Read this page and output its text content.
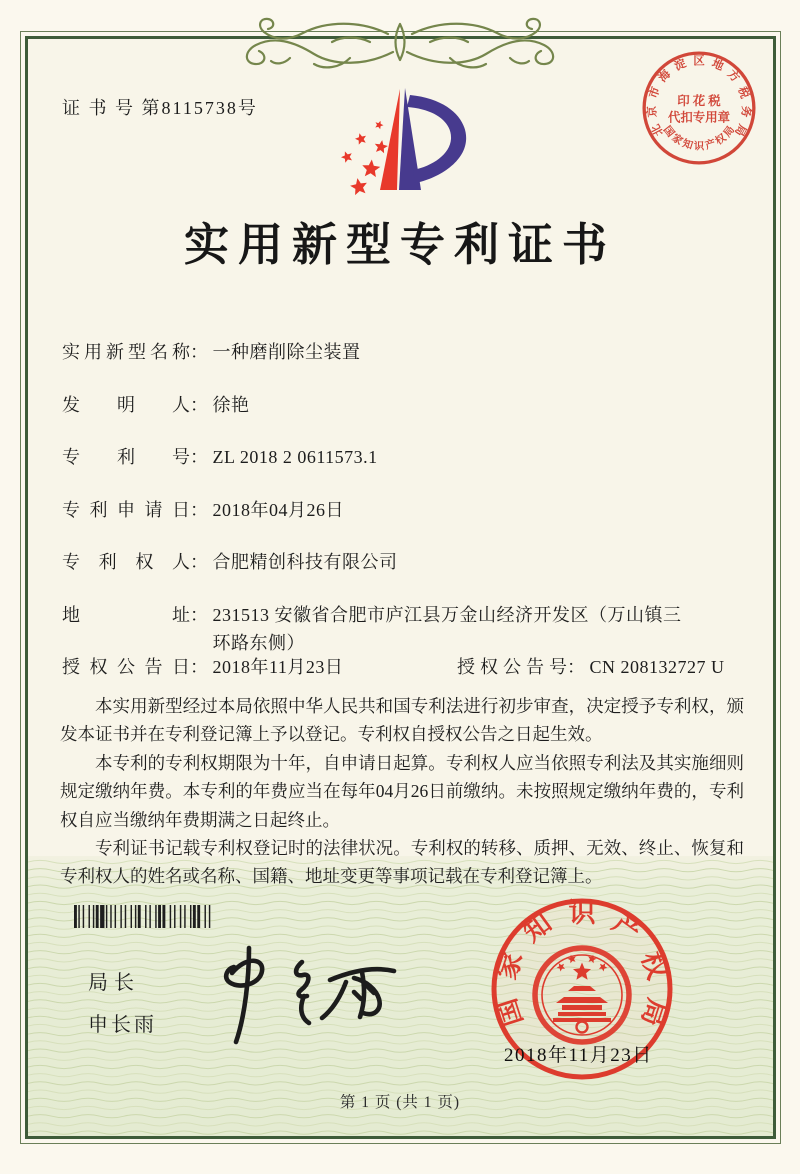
证 书 号 第8115738号
北
京
市
海
淀 区 地
方
税
务
局
国
家
知 识 产
权
局
印 花 税
代扣专用章
实用新型专利证书
实用新型名称： 一种磨削除尘装置
发明人： 徐艳
专利号： ZL 2018 2 0611573.1
专利申请日： 2018年04月26日
专利权人： 合肥精创科技有限公司
地址： 231513 安徽省合肥市庐江县万金山经济开发区（万山镇三环路东侧）
授权公告日： 2018年11月23日	授权公告号： CN 208132727 U

本实用新型经过本局依照中华人民共和国专利法进行初步审查，决定授予专利权，颁发本证书并在专利登记簿上予以登记。专利权自授权公告之日起生效。

本专利的专利权期限为十年，自申请日起算。专利权人应当依照专利法及其实施细则规定缴纳年费。本专利的年费应当在每年04月26日前缴纳。未按照规定缴纳年费的，专利权自应当缴纳年费期满之日起终止。

专利证书记载专利权登记时的法律状况。专利权的转移、质押、无效、终止、恢复和专利权人的姓名或名称、国籍、地址变更等事项记载在专利登记簿上。

局长
申长雨	国
家
知 识 产
权
局
2018年11月23日
第 1 页 (共 1 页)
